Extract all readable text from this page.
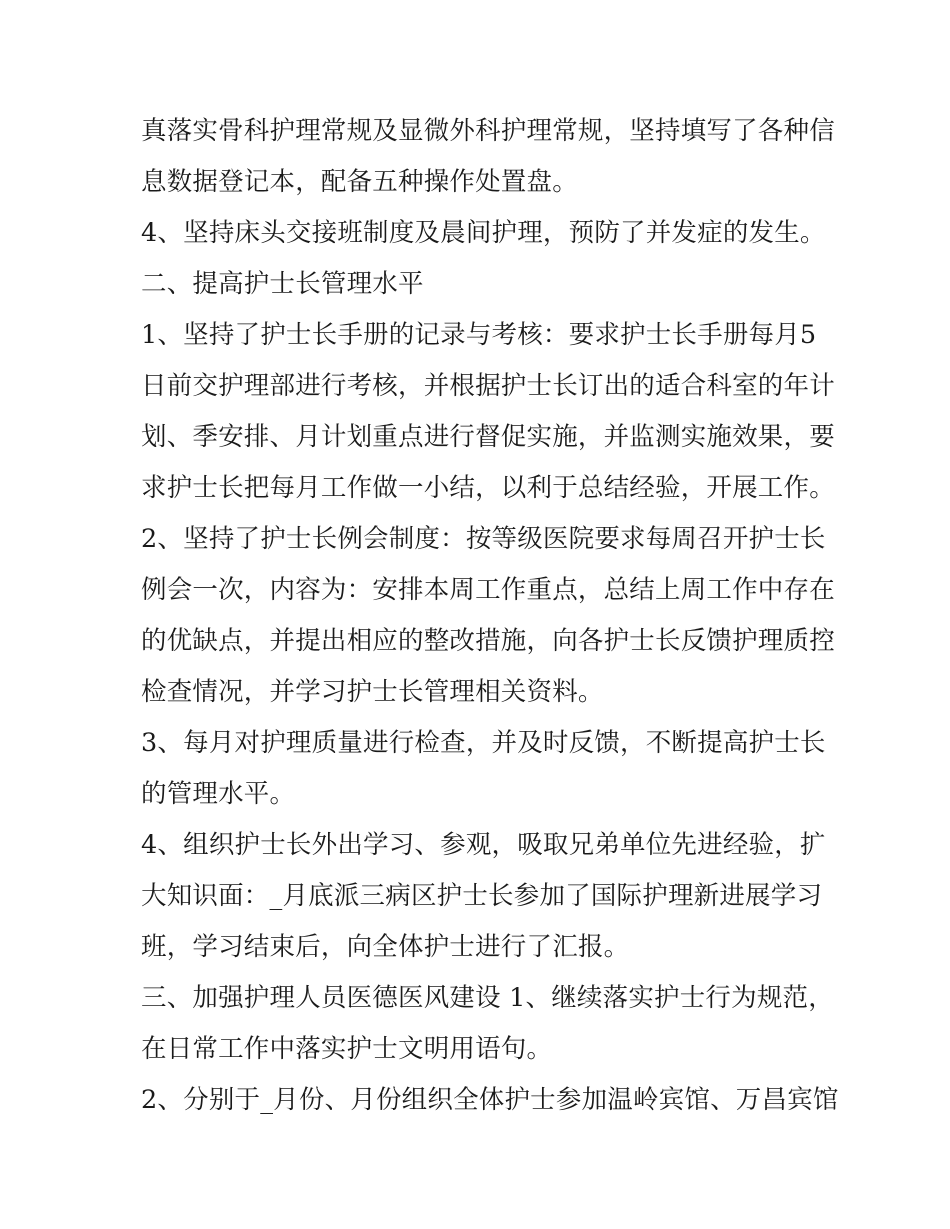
真落实骨科护理常规及显微外科护理常规，坚持填写了各种信
息数据登记本，配备五种操作处置盘。
4、坚持床头交接班制度及晨间护理，预防了并发症的发生。
二、提高护士长管理水平
1、坚持了护士长手册的记录与考核：要求护士长手册每月5
日前交护理部进行考核，并根据护士长订出的适合科室的年计
划、季安排、月计划重点进行督促实施，并监测实施效果，要
求护士长把每月工作做一小结，以利于总结经验，开展工作。
2、坚持了护士长例会制度：按等级医院要求每周召开护士长
例会一次，内容为：安排本周工作重点，总结上周工作中存在
的优缺点，并提出相应的整改措施，向各护士长反馈护理质控
检查情况，并学习护士长管理相关资料。
3、每月对护理质量进行检查，并及时反馈，不断提高护士长
的管理水平。
4、组织护士长外出学习、参观，吸取兄弟单位先进经验，扩
大知识面：_月底派三病区护士长参加了国际护理新进展学习
班，学习结束后，向全体护士进行了汇报。
三、加强护理人员医德医风建设 1、继续落实护士行为规范，
在日常工作中落实护士文明用语句。
2、分别于_月份、月份组织全体护士参加温岭宾馆、万昌宾馆
